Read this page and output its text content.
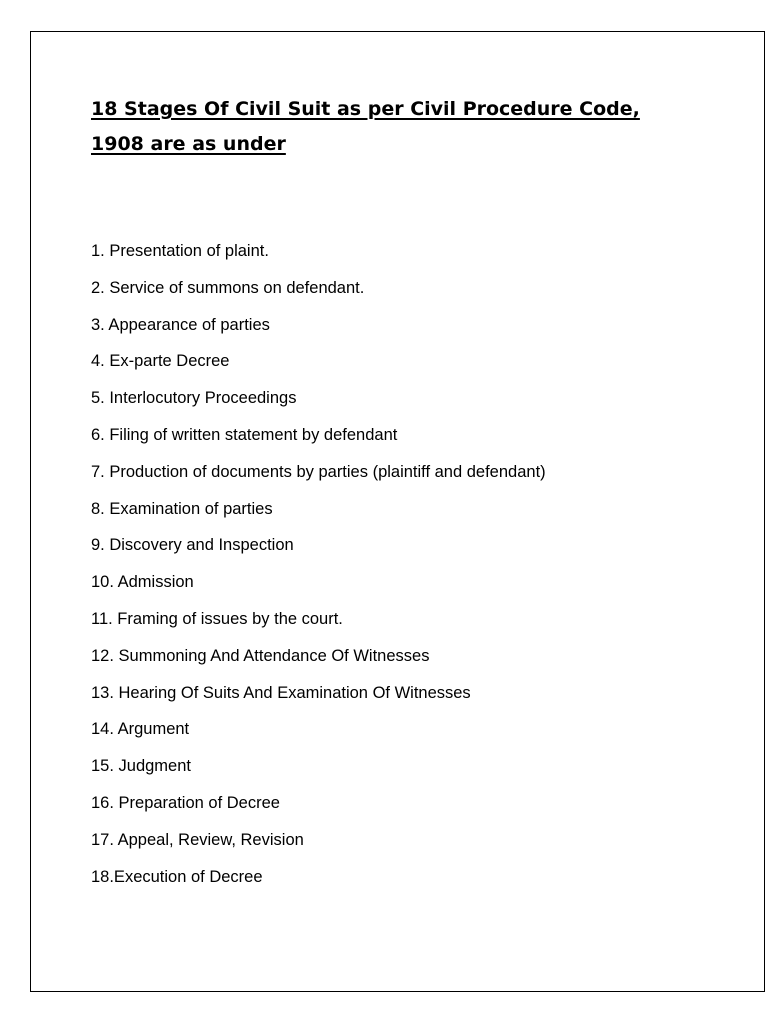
18 Stages Of Civil Suit as per Civil Procedure Code, 1908 are as under
1. Presentation of plaint.
2. Service of summons on defendant.
3. Appearance of parties
4. Ex-parte Decree
5. Interlocutory Proceedings
6. Filing of written statement by defendant
7. Production of documents by parties (plaintiff and defendant)
8. Examination of parties
9. Discovery and Inspection
10. Admission
11. Framing of issues by the court.
12. Summoning And Attendance Of Witnesses
13. Hearing Of Suits And Examination Of Witnesses
14. Argument
15. Judgment
16. Preparation of Decree
17. Appeal, Review, Revision
18.Execution of Decree
